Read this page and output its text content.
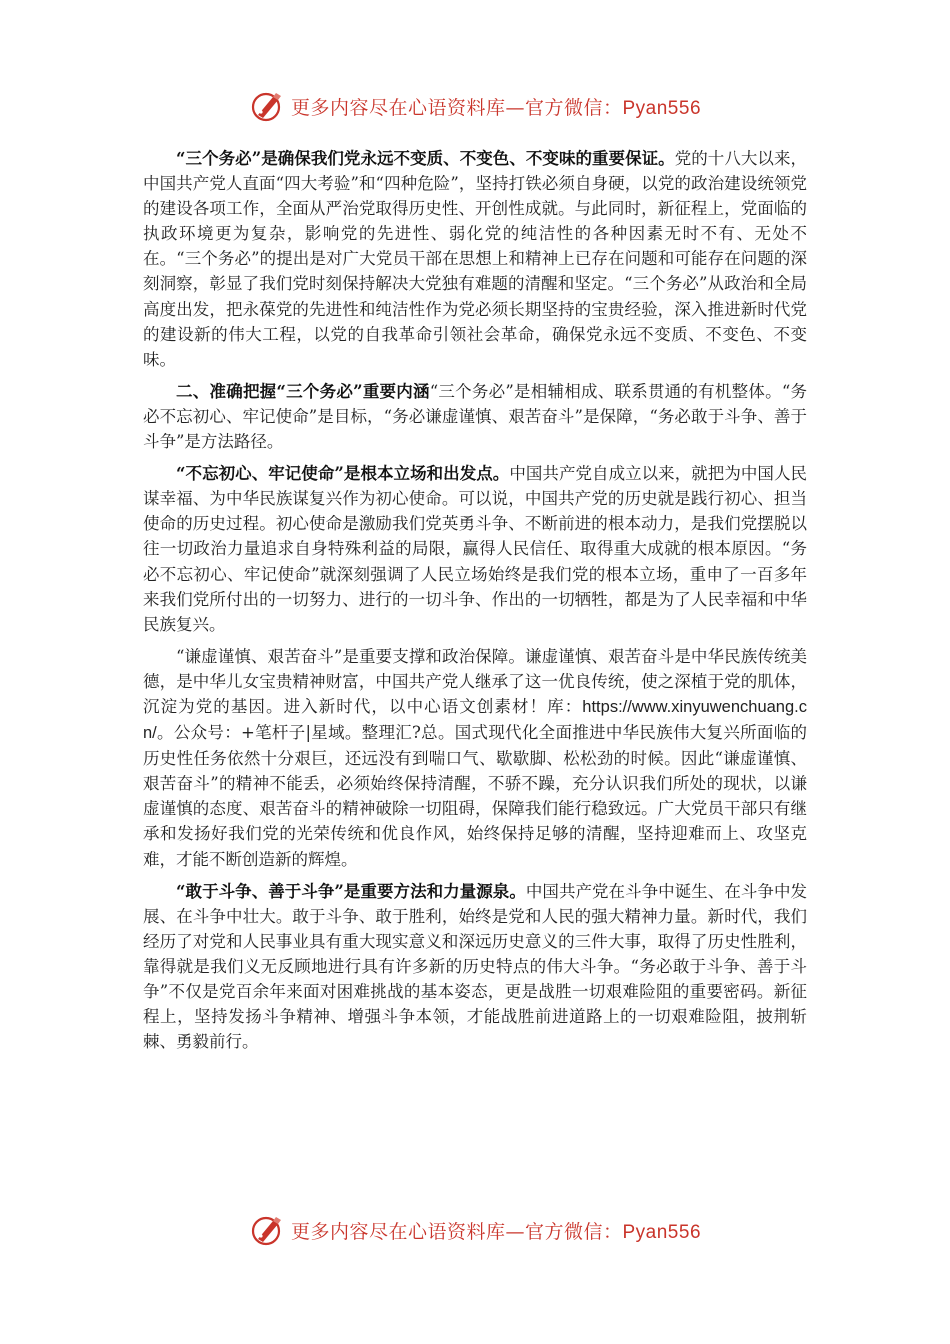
更多内容尽在心语资料库—官方微信：Pyan556

“三个务必”是确保我们党永远不变质、不变色、不变味的重要保证。党的十八大以来，中国共产党人直面“四大考验”和“四种危险”，坚持打铁必须自身硬，以党的政治建设统领党的建设各项工作，全面从严治党取得历史性、开创性成就。与此同时，新征程上，党面临的执政环境更为复杂，影响党的先进性、弱化党的纯洁性的各种因素无时不有、无处不在。“三个务必”的提出是对广大党员干部在思想上和精神上已存在问题和可能存在问题的深刻洞察，彰显了我们党时刻保持解决大党独有难题的清醒和坚定。“三个务必”从政治和全局高度出发，把永葆党的先进性和纯洁性作为党必须长期坚持的宝贵经验，深入推进新时代党的建设新的伟大工程，以党的自我革命引领社会革命，确保党永远不变质、不变色、不变味。

二、准确把握“三个务必”重要内涵“三个务必”是相辅相成、联系贯通的有机整体。“务必不忘初心、牢记使命”是目标，“务必谦虚谨慎、艰苦奋斗”是保障，“务必敢于斗争、善于斗争”是方法路径。

“不忘初心、牢记使命”是根本立场和出发点。中国共产党自成立以来，就把为中国人民谋幸福、为中华民族谋复兴作为初心使命。可以说，中国共产党的历史就是践行初心、担当使命的历史过程。初心使命是激励我们党英勇斗争、不断前进的根本动力，是我们党摆脱以往一切政治力量追求自身特殊利益的局限，赢得人民信任、取得重大成就的根本原因。“务必不忘初心、牢记使命”就深刻强调了人民立场始终是我们党的根本立场，重申了一百多年来我们党所付出的一切努力、进行的一切斗争、作出的一切牺牲，都是为了人民幸福和中华民族复兴。

“谦虚谨慎、艰苦奋斗”是重要支撑和政治保障。谦虚谨慎、艰苦奋斗是中华民族传统美德，是中华儿女宝贵精神财富，中国共产党人继承了这一优良传统，使之深植于党的肌体，沉淀为党的基因。进入新时代，以中心语文创素材！库：https://www.xinyuwenchuang.cn/。公众号：+笔杆子|星域。整理汇?总。国式现代化全面推进中华民族伟大复兴所面临的历史性任务依然十分艰巨，还远没有到喘口气、歇歇脚、松松劲的时候。因此“谦虚谨慎、艰苦奋斗”的精神不能丢，必须始终保持清醒，不骄不躁，充分认识我们所处的现状，以谦虚谨慎的态度、艰苦奋斗的精神破除一切阻碍，保障我们能行稳致远。广大党员干部只有继承和发扬好我们党的光荣传统和优良作风，始终保持足够的清醒，坚持迎难而上、攻坚克难，才能不断创造新的辉煌。

“敢于斗争、善于斗争”是重要方法和力量源泉。中国共产党在斗争中诞生、在斗争中发展、在斗争中壮大。敢于斗争、敢于胜利，始终是党和人民的强大精神力量。新时代，我们经历了对党和人民事业具有重大现实意义和深远历史意义的三件大事，取得了历史性胜利，靠得就是我们义无反顾地进行具有许多新的历史特点的伟大斗争。“务必敢于斗争、善于斗争”不仅是党百余年来面对困难挑战的基本姿态，更是战胜一切艰难险阻的重要密码。新征程上，坚持发扬斗争精神、增强斗争本领，才能战胜前进道路上的一切艰难险阻，披荆斩棘、勇毅前行。

更多内容尽在心语资料库—官方微信：Pyan556
